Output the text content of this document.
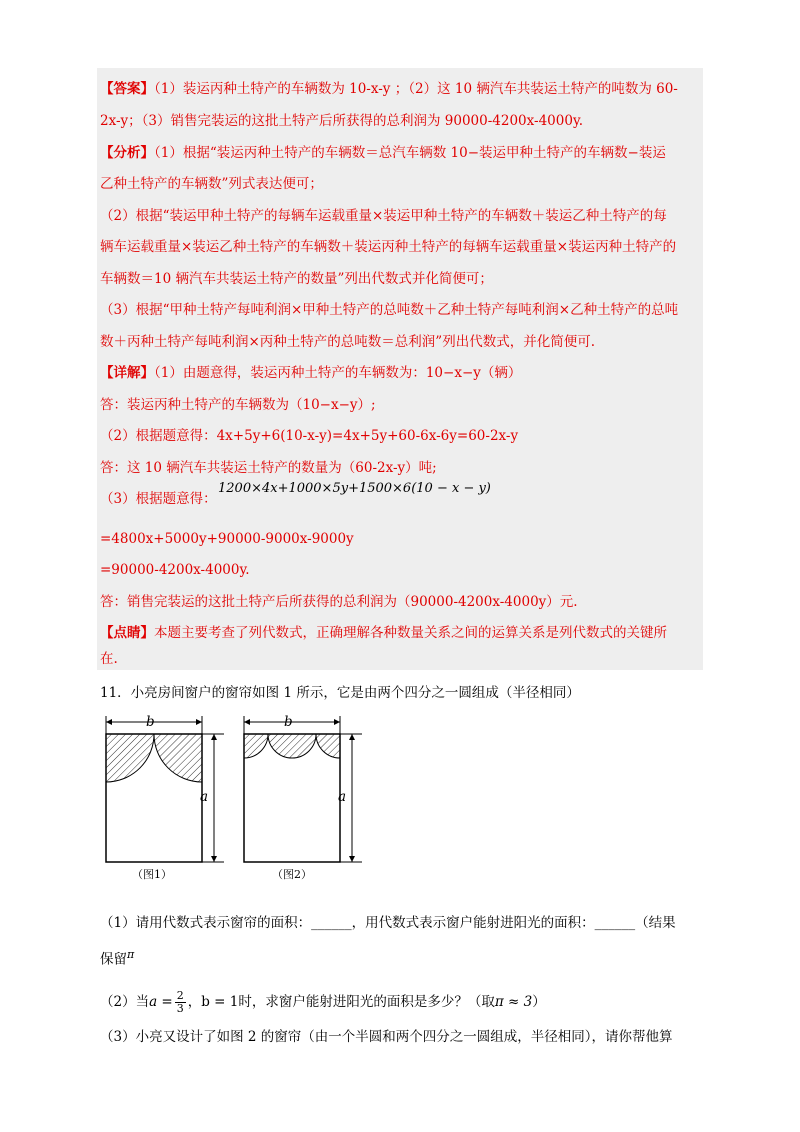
【答案】（1）装运丙种土特产的车辆数为 10-x-y ；（2）这 10 辆汽车共装运土特产的吨数为 60-
2x-y；（3）销售完装运的这批土特产后所获得的总利润为 90000-4200x-4000y.
【分析】（1）根据“装运丙种土特产的车辆数＝总汽车辆数 10−装运甲种土特产的车辆数−装运
乙种土特产的车辆数”列式表达便可；
（2）根据“装运甲种土特产的每辆车运载重量×装运甲种土特产的车辆数＋装运乙种土特产的每
辆车运载重量×装运乙种土特产的车辆数＋装运丙种土特产的每辆车运载重量×装运丙种土特产的
车辆数＝10 辆汽车共装运土特产的数量”列出代数式并化简便可；
（3）根据“甲种土特产每吨利润×甲种土特产的总吨数＋乙种土特产每吨利润×乙种土特产的总吨
数＋丙种土特产每吨利润×丙种土特产的总吨数＝总利润”列出代数式，并化简便可.
【详解】（1）由题意得，装运丙种土特产的车辆数为：10−x−y（辆）
答：装运丙种土特产的车辆数为（10−x−y）;
（2）根据题意得：4x+5y+6(10-x-y)=4x+5y+60-6x-6y=60-2x-y
答：这 10 辆汽车共装运土特产的数量为（60-2x-y）吨;
（3）根据题意得：
1200×4x+1000×5y+1500×6(10 − x − y)
=4800x+5000y+90000-9000x-9000y
=90000-4200x-4000y.
答：销售完装运的这批土特产后所获得的总利润为（90000-4200x-4000y）元.
【点睛】本题主要考查了列代数式，正确理解各种数量关系之间的运算关系是列代数式的关键所
在.
11．小亮房间窗户的窗帘如图 1 所示，它是由两个四分之一圆组成（半径相同）
b
a
（图1）
b
a
（图2）
（1）请用代数式表示窗帘的面积：______，用代数式表示窗户能射进阳光的面积：______（结果
保留$^\pi$
（2）当$a = \frac{2}{3}$ ，b = 1时，求窗户能射进阳光的面积是多少？（取π ≈ 3）
（3）小亮又设计了如图 2 的窗帘（由一个半圆和两个四分之一圆组成，半径相同），请你帮他算
